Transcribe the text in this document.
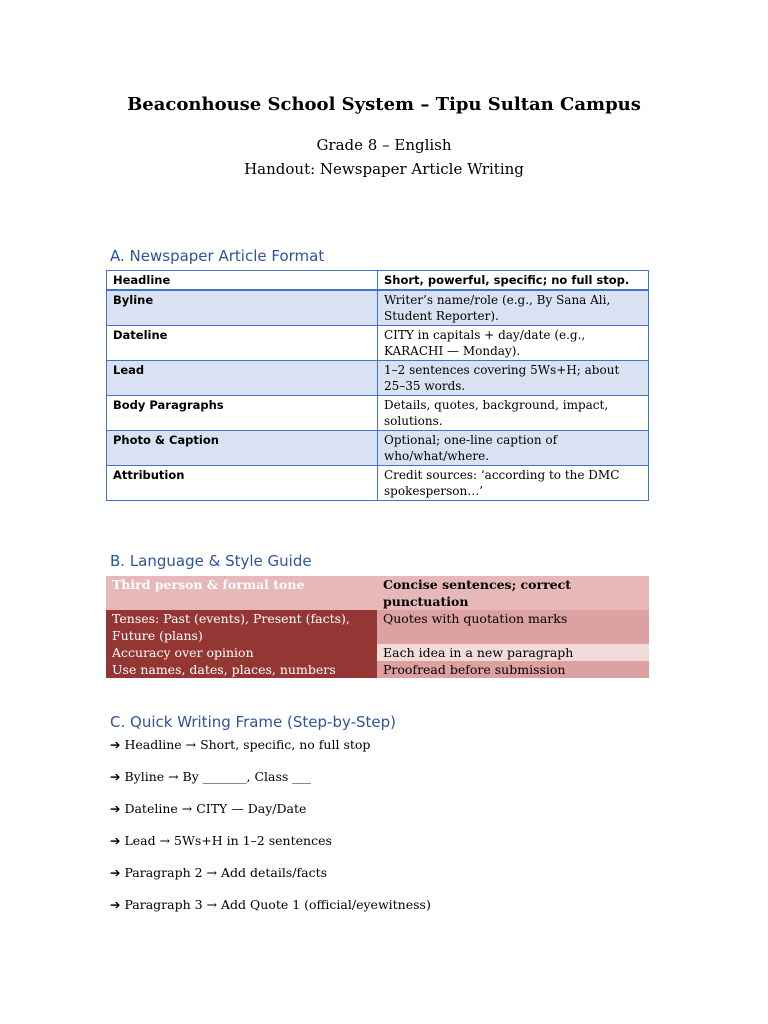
Beaconhouse School System – Tipu Sultan Campus
Grade 8 – English
Handout: Newspaper Article Writing
A. Newspaper Article Format
Headline	Short, powerful, specific; no full stop.
Byline	Writer’s name/role (e.g., By Sana Ali, Student Reporter).
Dateline	CITY in capitals + day/date (e.g., KARACHI — Monday).
Lead	1–2 sentences covering 5Ws+H; about 25–35 words.
Body Paragraphs	Details, quotes, background, impact, solutions.
Photo & Caption	Optional; one-line caption of who/what/where.
Attribution	Credit sources: ‘according to the DMC spokesperson…’
B. Language & Style Guide
Third person & formal tone	Concise sentences; correct punctuation
Tenses: Past (events), Present (facts), Future (plans)	Quotes with quotation marks
Accuracy over opinion	Each idea in a new paragraph
Use names, dates, places, numbers	Proofread before submission
C. Quick Writing Frame (Step-by-Step)
➔ Headline → Short, specific, no full stop
➔ Byline → By _______, Class ___
➔ Dateline → CITY — Day/Date
➔ Lead → 5Ws+H in 1–2 sentences
➔ Paragraph 2 → Add details/facts
➔ Paragraph 3 → Add Quote 1 (official/eyewitness)
